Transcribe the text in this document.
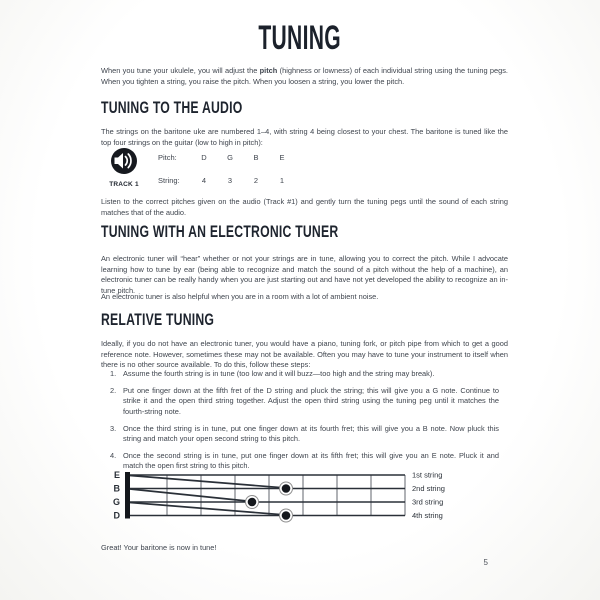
TUNING

When you tune your ukulele, you will adjust the pitch (highness or lowness) of each individual string using the tuning pegs. When you tighten a string, you raise the pitch. When you loosen a string, you lower the pitch.

TUNING TO THE AUDIO

The strings on the baritone uke are numbered 1–4, with string 4 being closest to your chest. The baritone is tuned like the top four strings on the guitar (low to high in pitch):

TRACK 1
Pitch:	D	G	B	E
String:	4	3	2	1

Listen to the correct pitches given on the audio (Track #1) and gently turn the tuning pegs until the sound of each string matches that of the audio.

TUNING WITH AN ELECTRONIC TUNER

An electronic tuner will “hear” whether or not your strings are in tune, allowing you to correct the pitch. While I advocate learning how to tune by ear (being able to recognize and match the sound of a pitch without the help of a machine), an electronic tuner can be really handy when you are just starting out and have not yet developed the ability to recognize an in-tune pitch.

An electronic tuner is also helpful when you are in a room with a lot of ambient noise.

RELATIVE TUNING

Ideally, if you do not have an electronic tuner, you would have a piano, tuning fork, or pitch pipe from which to get a good reference note. However, sometimes these may not be available. Often you may have to tune your instrument to itself when there is no other source available. To do this, follow these steps:

Assume the fourth string is in tune (too low and it will buzz—too high and the string may break).
Put one finger down at the fifth fret of the D string and pluck the string; this will give you a G note. Continue to strike it and the open third string together. Adjust the open third string using the tuning peg until it matches the fourth-string note.
Once the third string is in tune, put one finger down at its fourth fret; this will give you a B note. Now pluck this string and match your open second string to this pitch.
Once the second string is in tune, put one finger down at its fifth fret; this will give you an E note. Pluck it and match the open first string to this pitch.
E	1st string
B	2nd string
G	3rd string
D	4th string

Great! Your baritone is now in tune!

5
